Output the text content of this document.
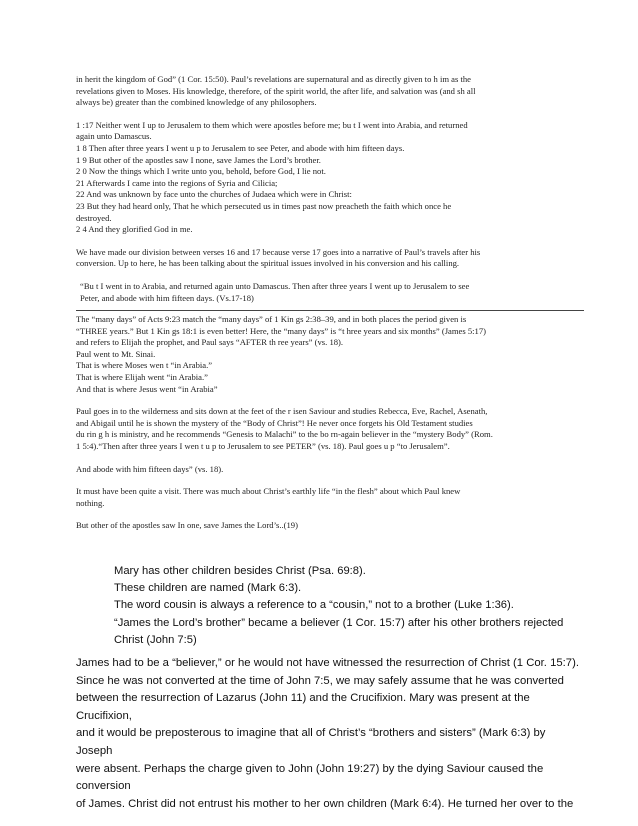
in herit the kingdom of God” (1 Cor. 15:50). Paul’s revelations are supernatural and as directly given to h im as the

revelations given to Moses. His knowledge, therefore, of the spirit world, the after life, and salvation was (and sh all

always be) greater than the combined knowledge of any philosophers.

1 :17 Neither went I up to Jerusalem to them which were apostles before me; bu t I went into Arabia, and returned

again unto Damascus.

1 8 Then after three years I went u p to Jerusalem to see Peter, and abode with him fifteen days.

1 9 But other of the apostles saw I none, save James the Lord’s brother.

2 0 Now the things which I write unto you, behold, before God, I lie not.

21 Afterwards I came into the regions of Syria and Cilicia;

22 And was unknown by face unto the churches of Judaea which were in Christ:

23 But they had heard only, That he which persecuted us in times past now preacheth the faith which once he

destroyed.

2 4 And they glorified God in me.

We have made our division between verses 16 and 17 because verse 17 goes into a narrative of Paul’s travels after his

conversion. Up to here, he has been talking about the spiritual issues involved in his conversion and his calling.

“Bu t I went in to Arabia, and returned again unto Damascus. Then after three years I went up to Jerusalem to see

Peter, and abode with him fifteen days. (Vs.17-18)

The “many days” of Acts 9:23 match the “many days” of 1 Kin gs 2:38–39, and in both places the period given is

“THREE years.” But 1 Kin gs 18:1 is even better! Here, the “many days” is “t hree years and six months” (James 5:17)

and refers to Elijah the prophet, and Paul says “AFTER th ree years” (vs. 18).

Paul went to Mt. Sinai.

That is where Moses wen t “in Arabia.”

That is where Elijah went “in Arabia.”

And that is where Jesus went “in Arabia”

Paul goes in to the wilderness and sits down at the feet of the r isen Saviour and studies Rebecca, Eve, Rachel, Asenath,

and Abigail until he is shown the mystery of the “Body of Christ”! He never once forgets his Old Testament studies

du rin g h is ministry, and he recommends “Genesis to Malachi” to the bo rn-again believer in the “mystery Body” (Rom.

1 5:4).“Then after three years I wen t u p to Jerusalem to see PETER” (vs. 18). Paul goes u p “to Jerusalem”.

And abode with him fifteen days” (vs. 18).

It must have been quite a visit. There was much about Christ’s earthly life “in the flesh” about which Paul knew

nothing.

But other of the apostles saw In one, save James the Lord’s..(19)

Mary has other children besides Christ (Psa. 69:8).

These children are named (Mark 6:3).

The word cousin is always a reference to a “cousin,” not to a brother (Luke 1:36).

“James the Lord’s brother” became a believer (1 Cor. 15:7) after his other brothers rejected

Christ (John 7:5)

James had to be a “believer,” or he would not have witnessed the resurrection of Christ (1 Cor. 15:7).

Since he was not converted at the time of John 7:5, we may safely assume that he was converted

between the resurrection of Lazarus (John 11) and the Crucifixion. Mary was present at the Crucifixion,

and it would be preposterous to imagine that all of Christ’s “brothers and sisters” (Mark 6:3) by Joseph

were absent. Perhaps the charge given to John (John 19:27) by the dying Saviour caused the conversion

of James. Christ did not entrust his mother to her own children (Mark 6:4). He turned her over to the
